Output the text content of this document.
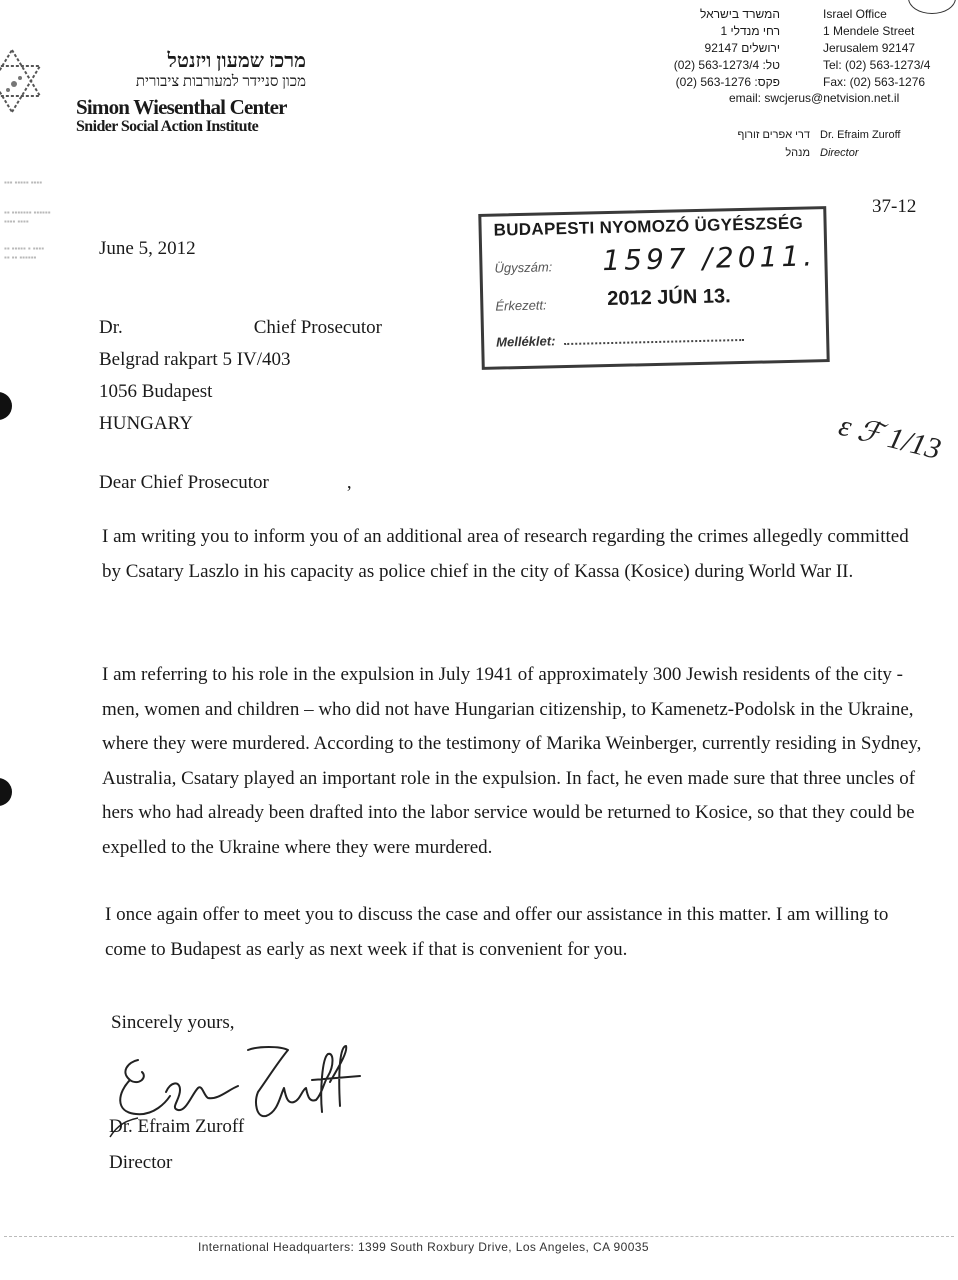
מרכז שמעון ויזנטל
מכון סניידר למעורבות ציבורית
Simon Wiesenthal Center
Snider Social Action Institute
▪▪▪ ▪▪▪▪▪ ▪▪▪▪
▪▪ ▪▪▪▪▪▪▪ ▪▪▪▪▪▪
▪▪▪▪ ▪▪▪▪
▪▪ ▪▪▪▪▪ ▪ ▪▪▪▪
▪▪ ▪▪ ▪▪▪▪▪▪
המשרד בישראל
רחי מנדלי 1
92147 ירושלים
(02) 563-1273/4 :טל
(02) 563-1276 :פקס
Israel Office
1 Mendele Street
Jerusalem 92147
Tel: (02) 563-1273/4
Fax: (02) 563-1276
email: swcjerus@netvision.net.il
דרי אפרים זורוף
מנהל
Dr. Efraim Zuroff
Director
37-12
June 5, 2012
BUDAPESTI NYOMOZÓ ÜGYÉSZSÉG
Ügyszám: 1597 /2011.
Érkezett:	2012 JÚN 13.
Melléklet:
Dr.	Chief Prosecutor
Belgrad rakpart 5 IV/403
1056 Budapest
HUNGARY
Dear Chief Prosecutor	,
ε ℱ 1/13
I am writing you to inform you of an additional area of research regarding the crimes allegedly committed by Csatary Laszlo in his capacity as police chief in the city of Kassa (Kosice) during World War II.
I am referring to his role in the expulsion in July 1941 of approximately 300 Jewish residents of the city - men, women and children – who did not have Hungarian citizenship, to Kamenetz-Podolsk in the Ukraine, where they were murdered. According to the testimony of Marika Weinberger, currently residing in Sydney, Australia, Csatary played an important role in the expulsion. In fact, he even made sure that three uncles of hers who had already been drafted into the labor service would be returned to Kosice, so that they could be expelled to the Ukraine where they were murdered.
I once again offer to meet you to discuss the case and offer our assistance in this matter. I am willing to come to Budapest as early as next week if that is convenient for you.
Sincerely yours,
Dr. Efraim Zuroff
Director
International Headquarters: 1399 South Roxbury Drive, Los Angeles, CA 90035
